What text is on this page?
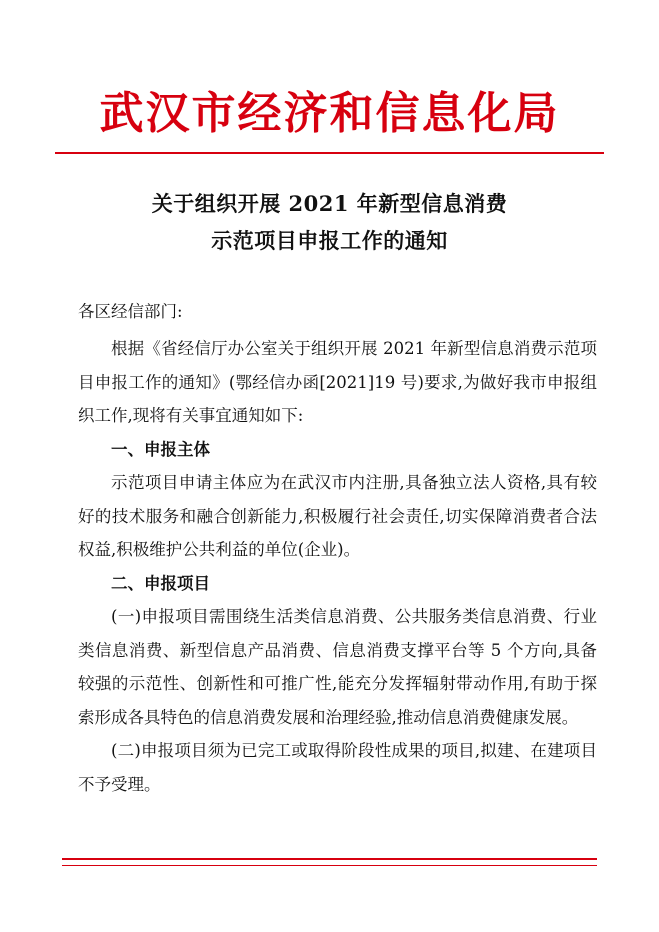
武汉市经济和信息化局
关于组织开展 2021 年新型信息消费
示范项目申报工作的通知

各区经信部门:

根据《省经信厅办公室关于组织开展 2021 年新型信息消费示范项目申报工作的通知》(鄂经信办函[2021]19 号)要求,为做好我市申报组织工作,现将有关事宜通知如下:

一、申报主体

示范项目申请主体应为在武汉市内注册,具备独立法人资格,具有较好的技术服务和融合创新能力,积极履行社会责任,切实保障消费者合法权益,积极维护公共利益的单位(企业)。

二、申报项目

(一)申报项目需围绕生活类信息消费、公共服务类信息消费、行业类信息消费、新型信息产品消费、信息消费支撑平台等 5 个方向,具备较强的示范性、创新性和可推广性,能充分发挥辐射带动作用,有助于探索形成各具特色的信息消费发展和治理经验,推动信息消费健康发展。

(二)申报项目须为已完工或取得阶段性成果的项目,拟建、在建项目不予受理。
